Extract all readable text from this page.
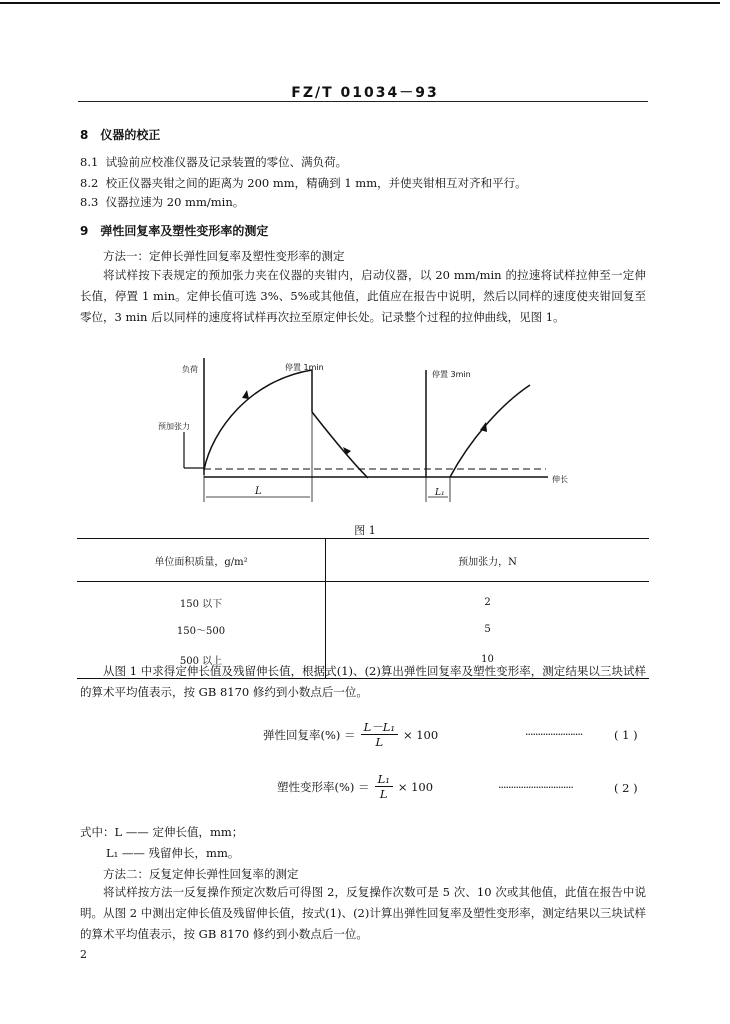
FZ/T 01034－93
8　仪器的校正
8.1 试验前应校准仪器及记录装置的零位、满负荷。
8.2 校正仪器夹钳之间的距离为 200 mm，精确到 1 mm，并使夹钳相互对齐和平行。
8.3 仪器拉速为 20 mm/min。
9　弹性回复率及塑性变形率的测定
方法一：定伸长弹性回复率及塑性变形率的测定
将试样按下表规定的预加张力夹在仪器的夹钳内，启动仪器，以 20 mm/min 的拉速将试样拉伸至一定伸长值，停置 1 min。定伸长值可选 3%、5%或其他值，此值应在报告中说明，然后以同样的速度使夹钳回复至零位，3 min 后以同样的速度将试样再次拉至原定伸长处。记录整个过程的拉伸曲线，见图 1。
负荷
预加张力
停置 1min
停置 3min
伸长
L	L₁
图 1
单位面积质量，g/m²	预加张力，N
150 以下	2
150～500	5
500 以上	10
从图 1 中求得定伸长值及残留伸长值，根据式(1)、(2)算出弹性回复率及塑性变形率，测定结果以三块试样的算术平均值表示，按 GB 8170 修约到小数点后一位。
弹性回复率(%) ＝ $\frac{\text{L－L₁}}{L} \times 100$	·······················	( 1 )
塑性变形率(%) ＝ $\frac{\text{L₁}}{L} \times 100$	······························	( 2 )
式中：L —— 定伸长值，mm；
L₁ —— 残留伸长，mm。
方法二：反复定伸长弹性回复率的测定
将试样按方法一反复操作预定次数后可得图 2，反复操作次数可是 5 次、10 次或其他值，此值在报告中说明。从图 2 中测出定伸长值及残留伸长值，按式(1)、(2)计算出弹性回复率及塑性变形率，测定结果以三块试样的算术平均值表示，按 GB 8170 修约到小数点后一位。
2
